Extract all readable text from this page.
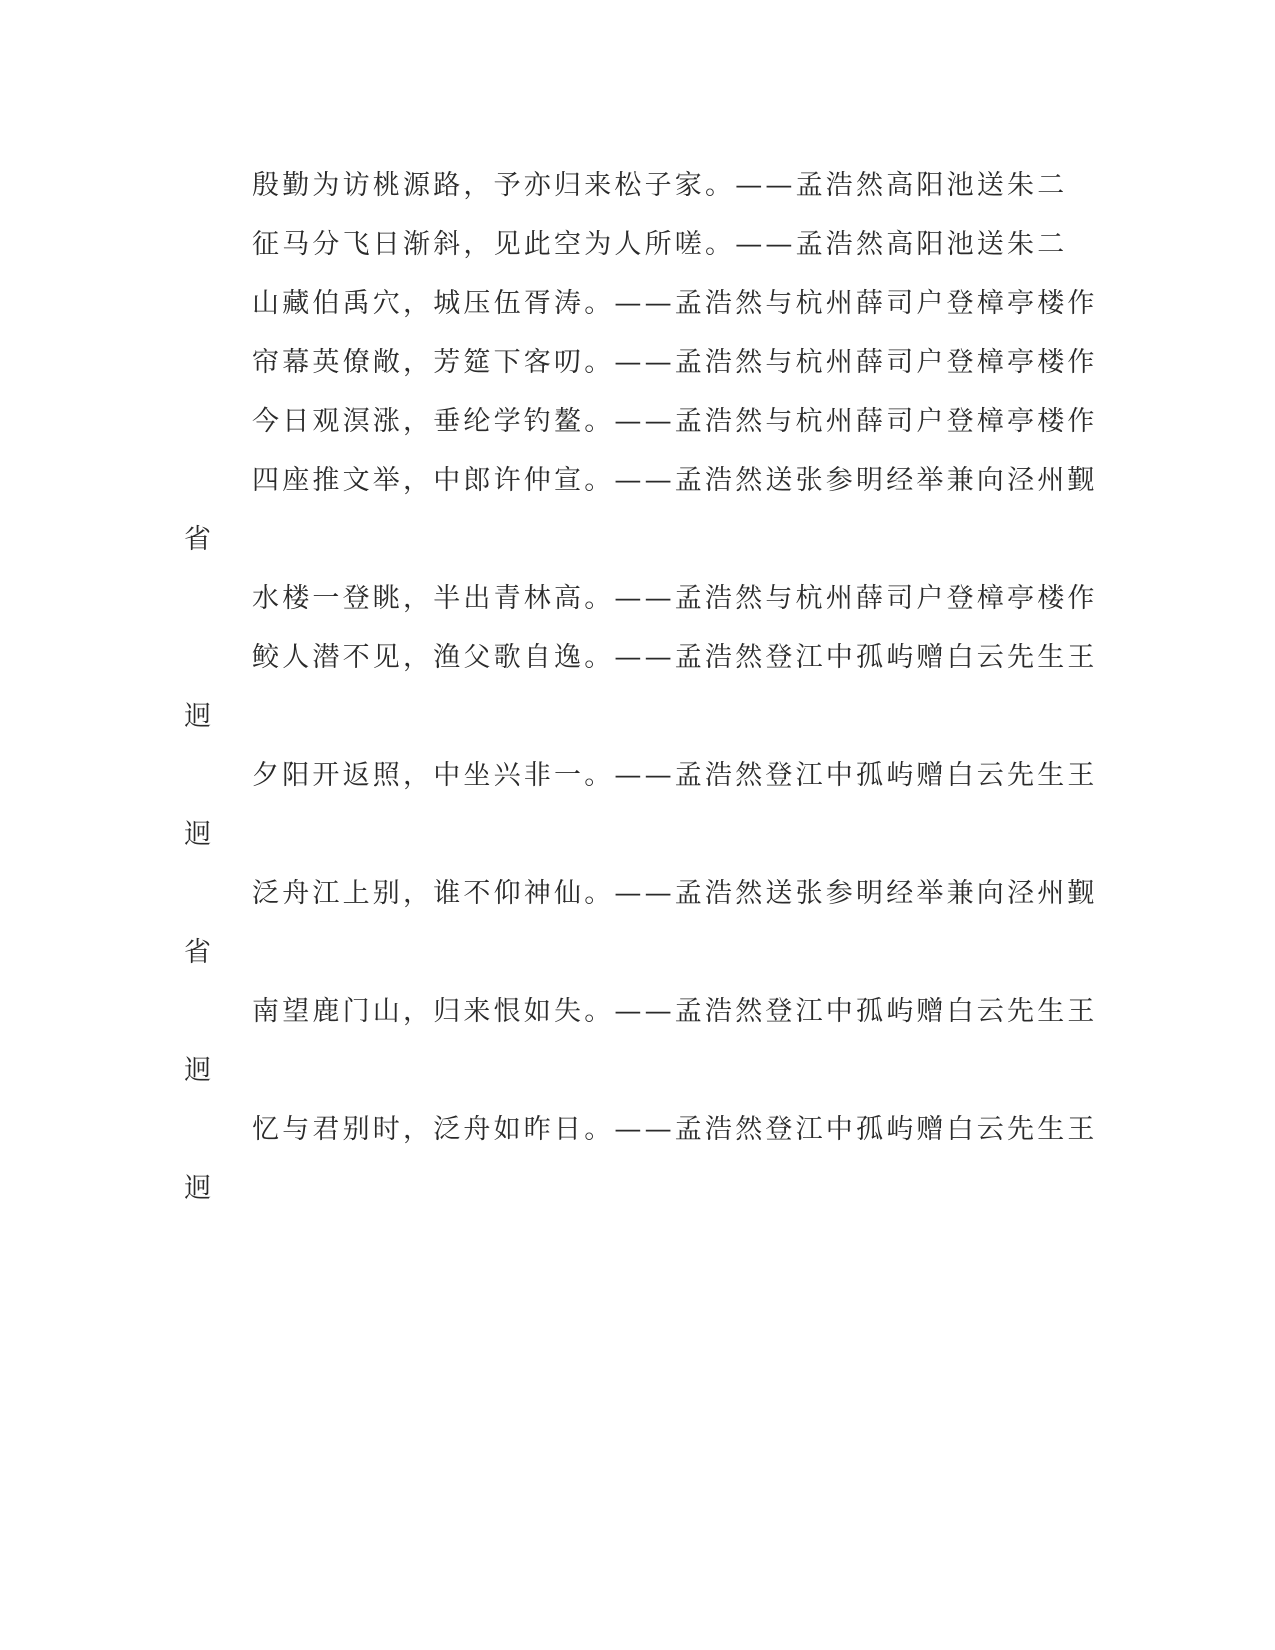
殷勤为访桃源路，予亦归来松子家。——孟浩然高阳池送朱二

征马分飞日渐斜，见此空为人所嗟。——孟浩然高阳池送朱二

山藏伯禹穴，城压伍胥涛。——孟浩然与杭州薛司户登樟亭楼作

帘幕英僚敞，芳筵下客叨。——孟浩然与杭州薛司户登樟亭楼作

今日观溟涨，垂纶学钓鳌。——孟浩然与杭州薛司户登樟亭楼作

四座推文举，中郎许仲宣。——孟浩然送张参明经举兼向泾州觐
省

水楼一登眺，半出青林高。——孟浩然与杭州薛司户登樟亭楼作

鲛人潜不见，渔父歌自逸。——孟浩然登江中孤屿赠白云先生王
迥

夕阳开返照，中坐兴非一。——孟浩然登江中孤屿赠白云先生王
迥

泛舟江上别，谁不仰神仙。——孟浩然送张参明经举兼向泾州觐
省

南望鹿门山，归来恨如失。——孟浩然登江中孤屿赠白云先生王
迥

忆与君别时，泛舟如昨日。——孟浩然登江中孤屿赠白云先生王
迥
